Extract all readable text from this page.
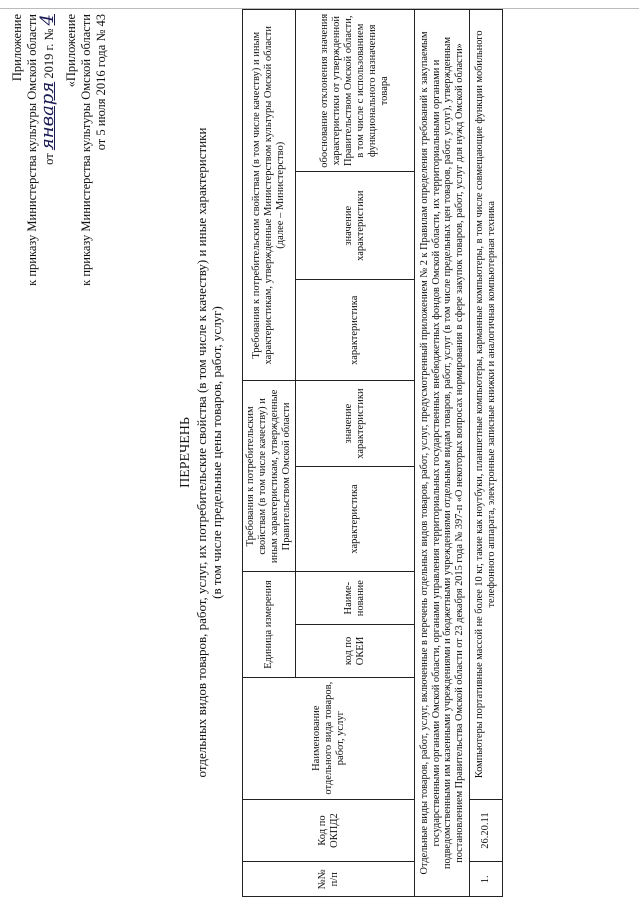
Приложение к приказу Министерства культуры Омской области от января 2019 г. № 4 «Приложение к приказу Министерства культуры Омской области от 5 июля 2016 года № 43
ПЕРЕЧЕНЬ отдельных видов товаров, работ, услуг, их потребительские свойства (в том числе к качеству) и иные характеристики (в том числе предельные цены товаров, работ, услуг)
№№ п/п	Код по ОКПД2	Наименование отдельного вида товаров, работ, услуг	Единица измерения		Требования к потребительским свойствам (в том числе качеству) и иным характеристикам, утвержденные Правительством Омской области		Требования к потребительским свойствам (в том числе качеству) и иным характеристикам, утвержденные Министерством культуры Омской области (далее – Министерство)		
			код по ОКЕИ	Наиме-нование	характеристика	значение характеристики	характеристика	значение характеристики	обоснование отклонения значения характеристики от утвержденной Правительством Омской области, в том числе с использованием функционального назначения товара
Отдельные виды товаров, работ, услуг, включенные в перечень отдельных видов товаров, работ, услуг, предусмотренный приложением № 2 к Правилам определения требований к закупаемым государственными органами Омской области, органами управления территориальных государственных внебюджетных фондов Омской области, их территориальными органами и подведомственными им казенными учреждениями и бюджетными учреждениями отдельным видам товаров, работ, услуг (в том числе предельных цен товаров, работ, услуг), утвержденным постановлением Правительства Омской области от 23 декабря 2015 года № 397-п «О некоторых вопросах нормирования в сфере закупок товаров, работ, услуг для нужд Омской области»									
1.	26.20.11	Компьютеры портативные массой не более 10 кг, такие как ноутбуки, планшетные компьютеры, карманные компьютеры, в том числе совмещающие функции мобильного телефонного аппарата, электронные записные книжки и аналогичная компьютерная техника							
